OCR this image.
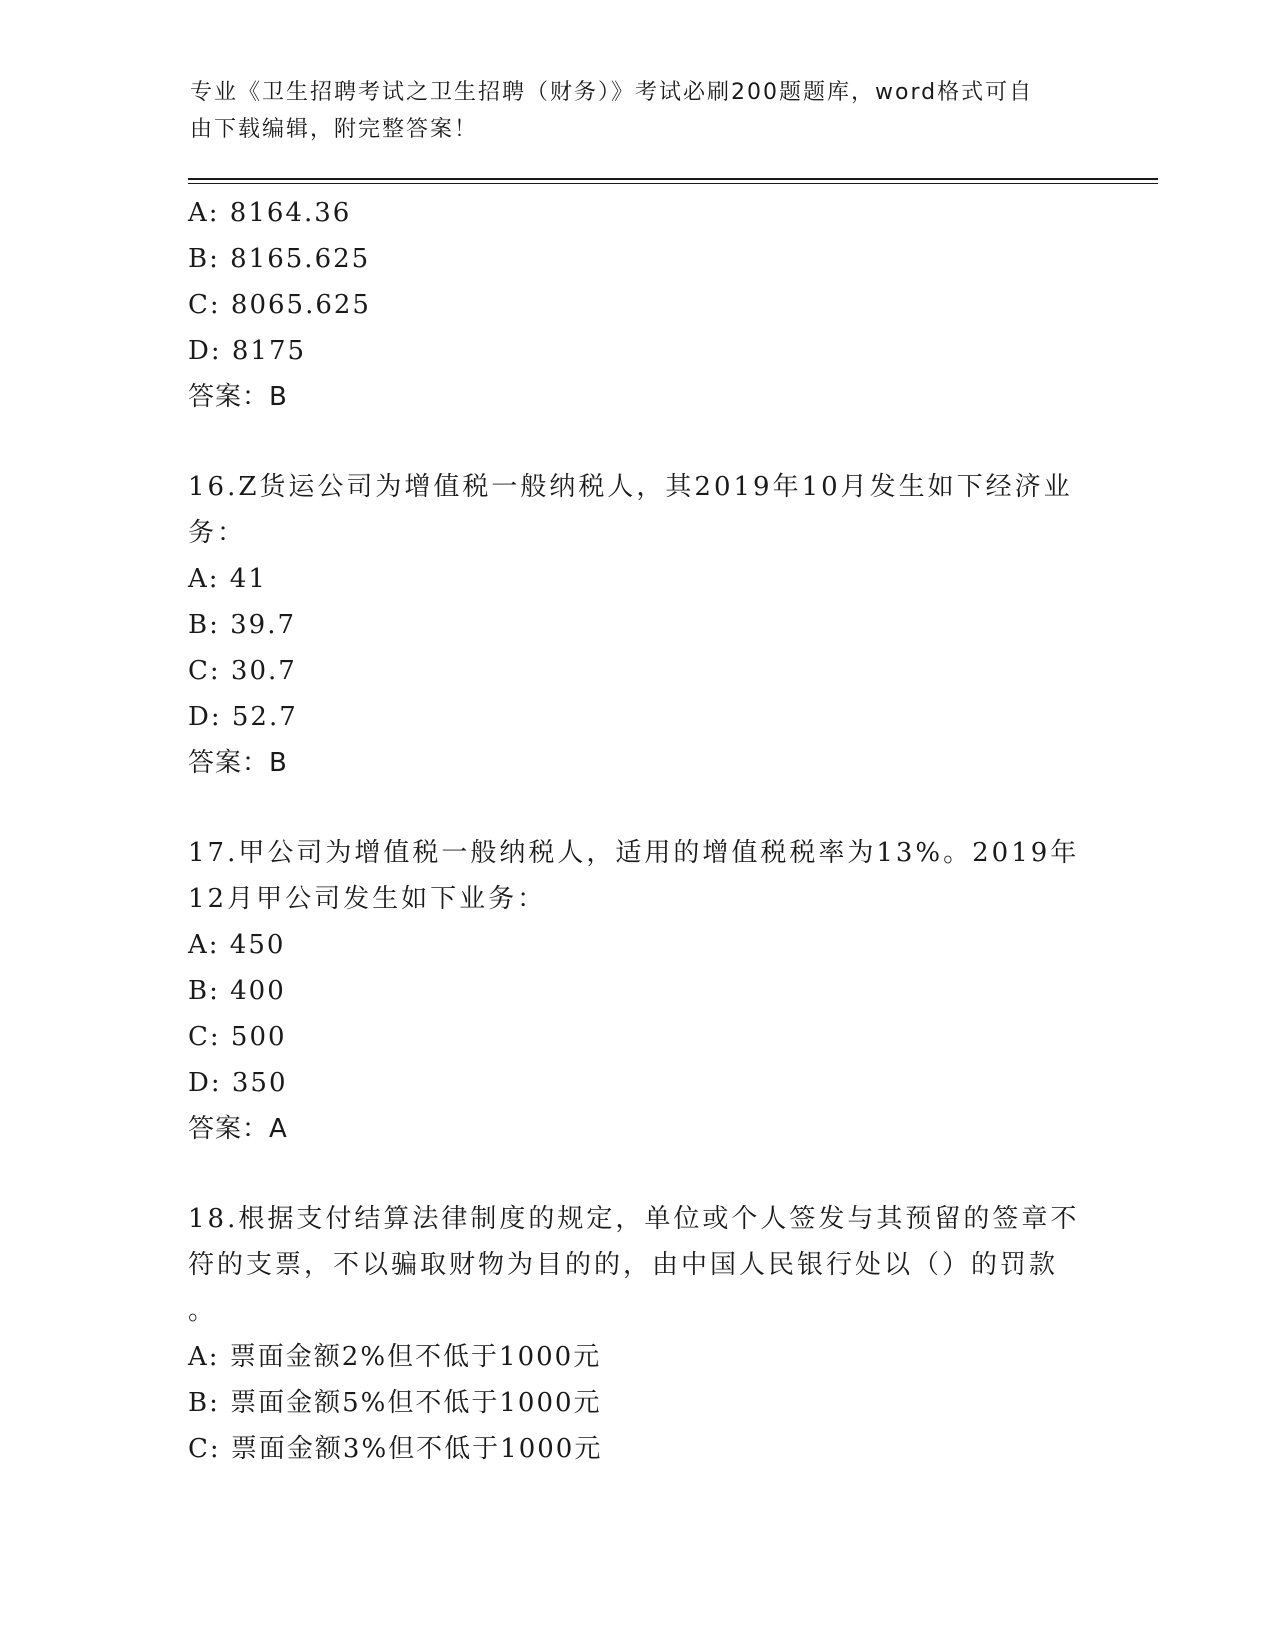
专业《卫生招聘考试之卫生招聘（财务）》考试必刷200题题库，word格式可自
由下载编辑，附完整答案！
A: 8164.36
B: 8165.625
C: 8065.625
D: 8175
答案：B
16.Z货运公司为增值税一般纳税人，其2019年10月发生如下经济业
务：
A: 41
B: 39.7
C: 30.7
D: 52.7
答案：B
17.甲公司为增值税一般纳税人，适用的增值税税率为13%。2019年
12月甲公司发生如下业务：
A: 450
B: 400
C: 500
D: 350
答案：A
18.根据支付结算法律制度的规定，单位或个人签发与其预留的签章不
符的支票，不以骗取财物为目的的，由中国人民银行处以（）的罚款
。
A: 票面金额2%但不低于1000元
B: 票面金额5%但不低于1000元
C: 票面金额3%但不低于1000元
